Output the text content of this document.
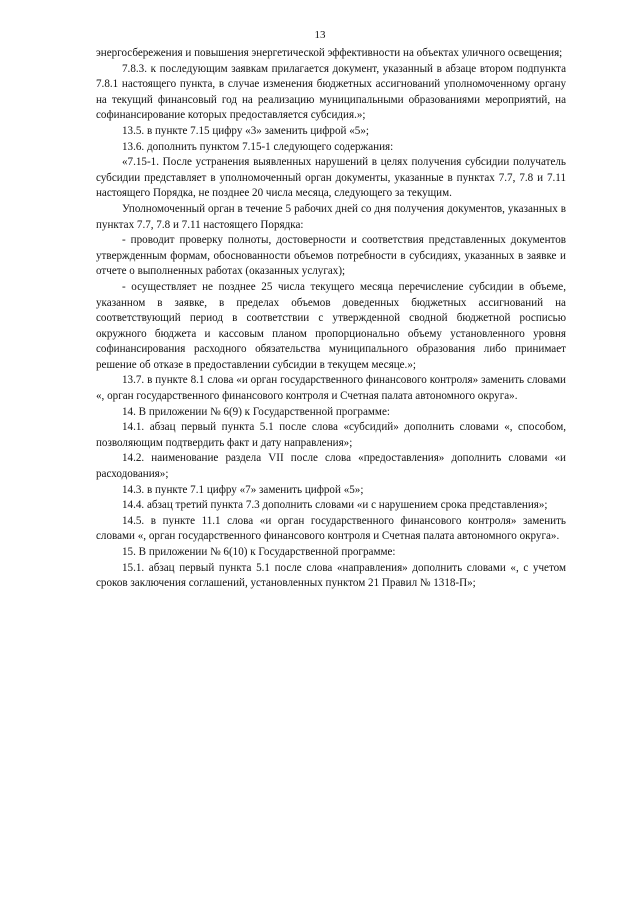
13

энергосбережения и повышения энергетической эффективности на объектах уличного освещения;

7.8.3. к последующим заявкам прилагается документ, указанный в абзаце втором подпункта 7.8.1 настоящего пункта, в случае изменения бюджетных ассигнований уполномоченному органу на текущий финансовый год на реализацию муниципальными образованиями мероприятий, на софинансирование которых предоставляется субсидия.»;

13.5. в пункте 7.15 цифру «3» заменить цифрой «5»;

13.6. дополнить пунктом 7.15-1 следующего содержания:

«7.15-1. После устранения выявленных нарушений в целях получения субсидии получатель субсидии представляет в уполномоченный орган документы, указанные в пунктах 7.7, 7.8 и 7.11 настоящего Порядка, не позднее 20 числа месяца, следующего за текущим.

Уполномоченный орган в течение 5 рабочих дней со дня получения документов, указанных в пунктах 7.7, 7.8 и 7.11 настоящего Порядка:

- проводит проверку полноты, достоверности и соответствия представленных документов утвержденным формам, обоснованности объемов потребности в субсидиях, указанных в заявке и отчете о выполненных работах (оказанных услугах);

- осуществляет не позднее 25 числа текущего месяца перечисление субсидии в объеме, указанном в заявке, в пределах объемов доведенных бюджетных ассигнований на соответствующий период в соответствии с утвержденной сводной бюджетной росписью окружного бюджета и кассовым планом пропорционально объему установленного уровня софинансирования расходного обязательства муниципального образования либо принимает решение об отказе в предоставлении субсидии в текущем месяце.»;

13.7. в пункте 8.1 слова «и орган государственного финансового контроля» заменить словами «, орган государственного финансового контроля и Счетная палата автономного округа».

14. В приложении № 6(9) к Государственной программе:

14.1. абзац первый пункта 5.1 после слова «субсидий» дополнить словами «, способом, позволяющим подтвердить факт и дату направления»;

14.2. наименование раздела VII после слова «предоставления» дополнить словами «и расходования»;

14.3. в пункте 7.1 цифру «7» заменить цифрой «5»;

14.4. абзац третий пункта 7.3 дополнить словами «и с нарушением срока представления»;

14.5. в пункте 11.1 слова «и орган государственного финансового контроля» заменить словами «, орган государственного финансового контроля и Счетная палата автономного округа».

15. В приложении № 6(10) к Государственной программе:

15.1. абзац первый пункта 5.1 после слова «направления» дополнить словами «, с учетом сроков заключения соглашений, установленных пунктом 21 Правил № 1318-П»;
